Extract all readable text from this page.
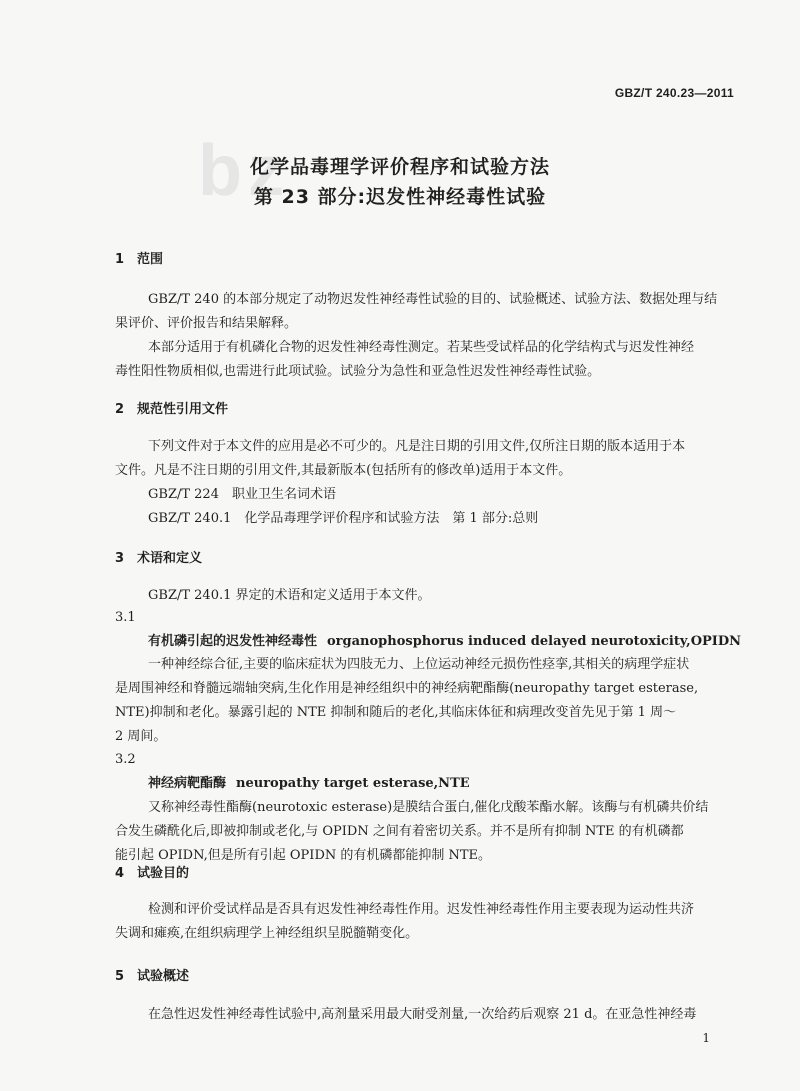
bz
GBZ/T 240.23—2011
化学品毒理学评价程序和试验方法
第 23 部分:迟发性神经毒性试验
1 范围
GBZ/T 240 的本部分规定了动物迟发性神经毒性试验的目的、试验概述、试验方法、数据处理与结
果评价、评价报告和结果解释。
本部分适用于有机磷化合物的迟发性神经毒性测定。若某些受试样品的化学结构式与迟发性神经
毒性阳性物质相似,也需进行此项试验。试验分为急性和亚急性迟发性神经毒性试验。
2 规范性引用文件
下列文件对于本文件的应用是必不可少的。凡是注日期的引用文件,仅所注日期的版本适用于本
文件。凡是不注日期的引用文件,其最新版本(包括所有的修改单)适用于本文件。
GBZ/T 224　职业卫生名词术语
GBZ/T 240.1　化学品毒理学评价程序和试验方法　第 1 部分:总则
3 术语和定义
GBZ/T 240.1 界定的术语和定义适用于本文件。
3.1
有机磷引起的迟发性神经毒性 organophosphorus induced delayed neurotoxicity,OPIDN
一种神经综合征,主要的临床症状为四肢无力、上位运动神经元损伤性痉挛,其相关的病理学症状
是周围神经和脊髓远端轴突病,生化作用是神经组织中的神经病靶酯酶(neuropathy target esterase,
NTE)抑制和老化。暴露引起的 NTE 抑制和随后的老化,其临床体征和病理改变首先见于第 1 周～
2 周间。
3.2
神经病靶酯酶 neuropathy target esterase,NTE
又称神经毒性酯酶(neurotoxic esterase)是膜结合蛋白,催化戊酸苯酯水解。该酶与有机磷共价结
合发生磷酰化后,即被抑制或老化,与 OPIDN 之间有着密切关系。并不是所有抑制 NTE 的有机磷都
能引起 OPIDN,但是所有引起 OPIDN 的有机磷都能抑制 NTE。
4 试验目的
检测和评价受试样品是否具有迟发性神经毒性作用。迟发性神经毒性作用主要表现为运动性共济
失调和瘫痪,在组织病理学上神经组织呈脱髓鞘变化。
5 试验概述
在急性迟发性神经毒性试验中,高剂量采用最大耐受剂量,一次给药后观察 21 d。在亚急性神经毒
1
